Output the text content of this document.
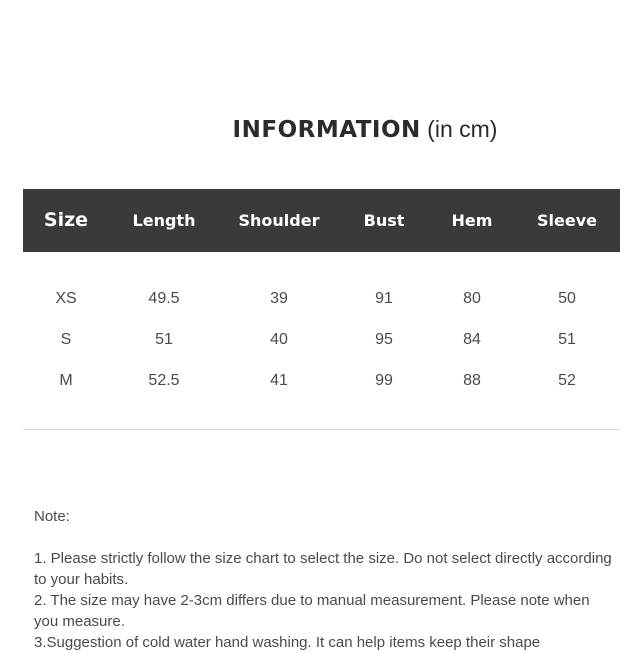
INFORMATION (in cm)
Size	Length	Shoulder	Bust	Hem	Sleeve
XS	49.5	39	91	80	50
S	51	40	95	84	51
M	52.5	41	99	88	52
Note:

1. Please strictly follow the size chart to select the size. Do not select directly according to your habits.

2. The size may have 2-3cm differs due to manual measurement. Please note when you measure.

3.Suggestion of cold water hand washing. It can help items keep their shape
